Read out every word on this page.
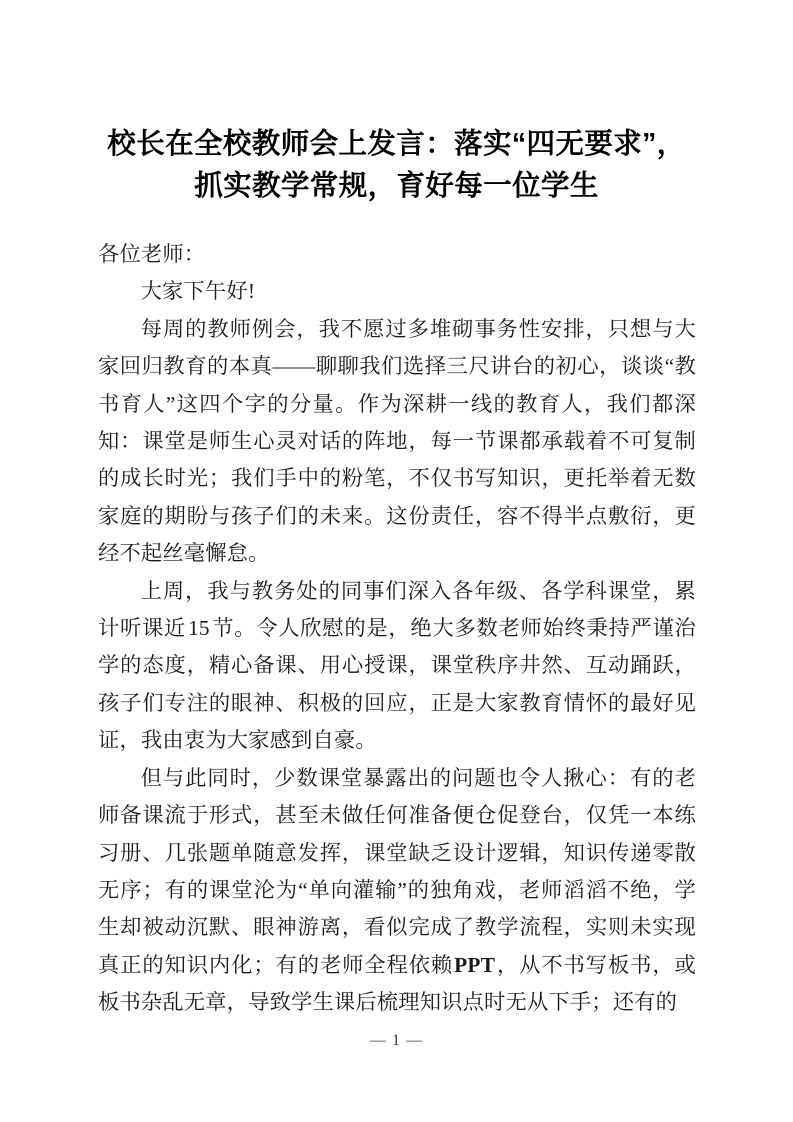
校长在全校教师会上发言：落实“四无要求”，抓实教学常规，育好每一位学生

各位老师：

大家下午好!

每周的教师例会，我不愿过多堆砌事务性安排，只想与大家回归教育的本真——聊聊我们选择三尺讲台的初心，谈谈“教书育人”这四个字的分量。作为深耕一线的教育人，我们都深知：课堂是师生心灵对话的阵地，每一节课都承载着不可复制的成长时光；我们手中的粉笔，不仅书写知识，更托举着无数家庭的期盼与孩子们的未来。这份责任，容不得半点敷衍，更经不起丝毫懈怠。

上周，我与教务处的同事们深入各年级、各学科课堂，累计听课近15节。令人欣慰的是，绝大多数老师始终秉持严谨治学的态度，精心备课、用心授课，课堂秩序井然、互动踊跃，孩子们专注的眼神、积极的回应，正是大家教育情怀的最好见证，我由衷为大家感到自豪。

但与此同时，少数课堂暴露出的问题也令人揪心：有的老师备课流于形式，甚至未做任何准备便仓促登台，仅凭一本练习册、几张题单随意发挥，课堂缺乏设计逻辑，知识传递零散无序；有的课堂沦为“单向灌输”的独角戏，老师滔滔不绝，学生却被动沉默、眼神游离，看似完成了教学流程，实则未实现真正的知识内化；有的老师全程依赖PPT，从不书写板书，或板书杂乱无章，导致学生课后梳理知识点时无从下手；还有的

— 1 —
